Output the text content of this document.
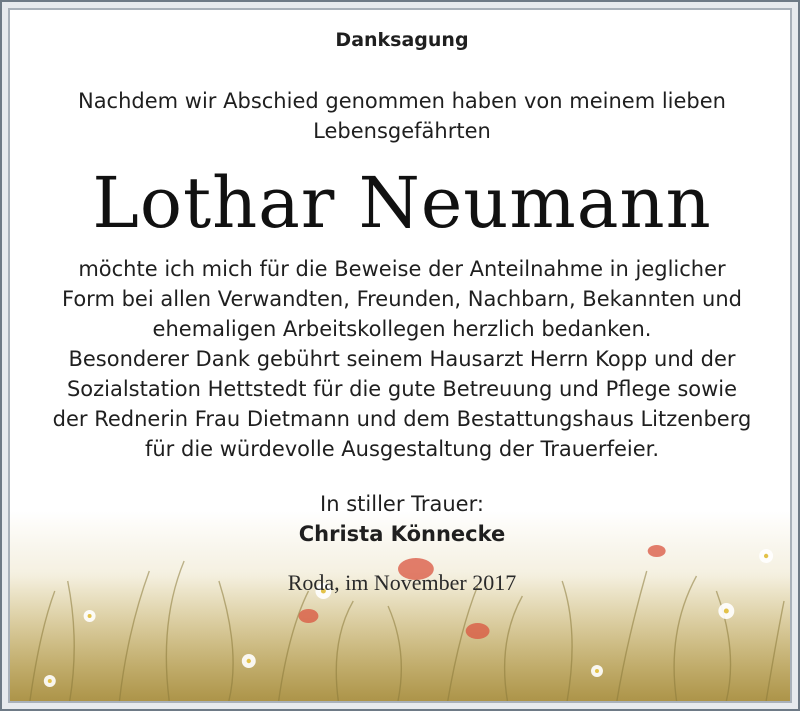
Danksagung
Nachdem wir Abschied genommen haben von meinem lieben
Lebensgefährten
Lothar Neumann
möchte ich mich für die Beweise der Anteilnahme in jeglicher
Form bei allen Verwandten, Freunden, Nachbarn, Bekannten und
ehemaligen Arbeitskollegen herzlich bedanken.
Besonderer Dank gebührt seinem Hausarzt Herrn Kopp und der
Sozialstation Hettstedt für die gute Betreuung und Pflege sowie
der Rednerin Frau Dietmann und dem Bestattungshaus Litzenberg
für die würdevolle Ausgestaltung der Trauerfeier.
In stiller Trauer:
Christa Könnecke
Roda, im November 2017
